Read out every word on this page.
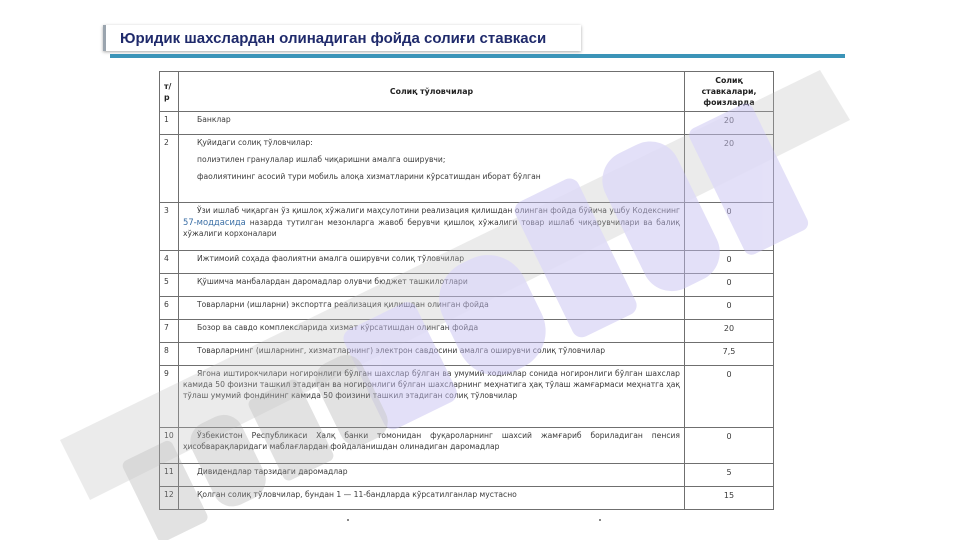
Юридик шахслардан олинадиган фойда солиғи ставкаси
т/р	Солиқ тўловчилар	Солиқ ставкалари, фоизларда
1	Банклар	20
2	Қуйидаги солиқ тўловчилар:
полиэтилен гранулалар ишлаб чиқаришни амалга оширувчи;
фаолиятининг асосий тури мобиль алоқа хизматларини кўрсатишдан иборат бўлган	20
3	Ўзи ишлаб чиқарган ўз қишлоқ хўжалиги маҳсулотини реализация қилишдан олинган фойда бўйича ушбу Кодекснинг 57-моддасида назарда тутилган мезонларга жавоб берувчи қишлоқ хўжалиги товар ишлаб чиқарувчилари ва балиқ хўжалиги корхоналари	0
4	Ижтимоий соҳада фаолиятни амалга оширувчи солиқ тўловчилар	0
5	Қўшимча манбалардан даромадлар олувчи бюджет ташкилотлари	0
6	Товарларни (ишларни) экспортга реализация қилишдан олинган фойда	0
7	Бозор ва савдо комплексларида хизмат кўрсатишдан олинган фойда	20
8	Товарларнинг (ишларнинг, хизматларнинг) электрон савдосини амалга оширувчи солиқ тўловчилар	7,5
9	Ягона иштирокчилари ногиронлиги бўлган шахслар бўлган ва умумий ходимлар сонида ногиронлиги бўлган шахслар камида 50 фоизни ташкил этадиган ва ногиронлиги бўлган шахсларнинг меҳнатига ҳақ тўлаш жамғармаси меҳнатга ҳақ тўлаш умумий фондининг камида 50 фоизини ташкил этадиган солиқ тўловчилар	0
10	Ўзбекистон Республикаси Халқ банки томонидан фуқароларнинг шахсий жамғариб бориладиган пенсия ҳисобварақларидаги маблағлардан фойдаланишдан олинадиган даромадлар	0
11	Дивидендлар тарзидаги даромадлар	5
12	Қолган солиқ тўловчилар, бундан 1 — 11-бандларда кўрсатилганлар мустасно	15
